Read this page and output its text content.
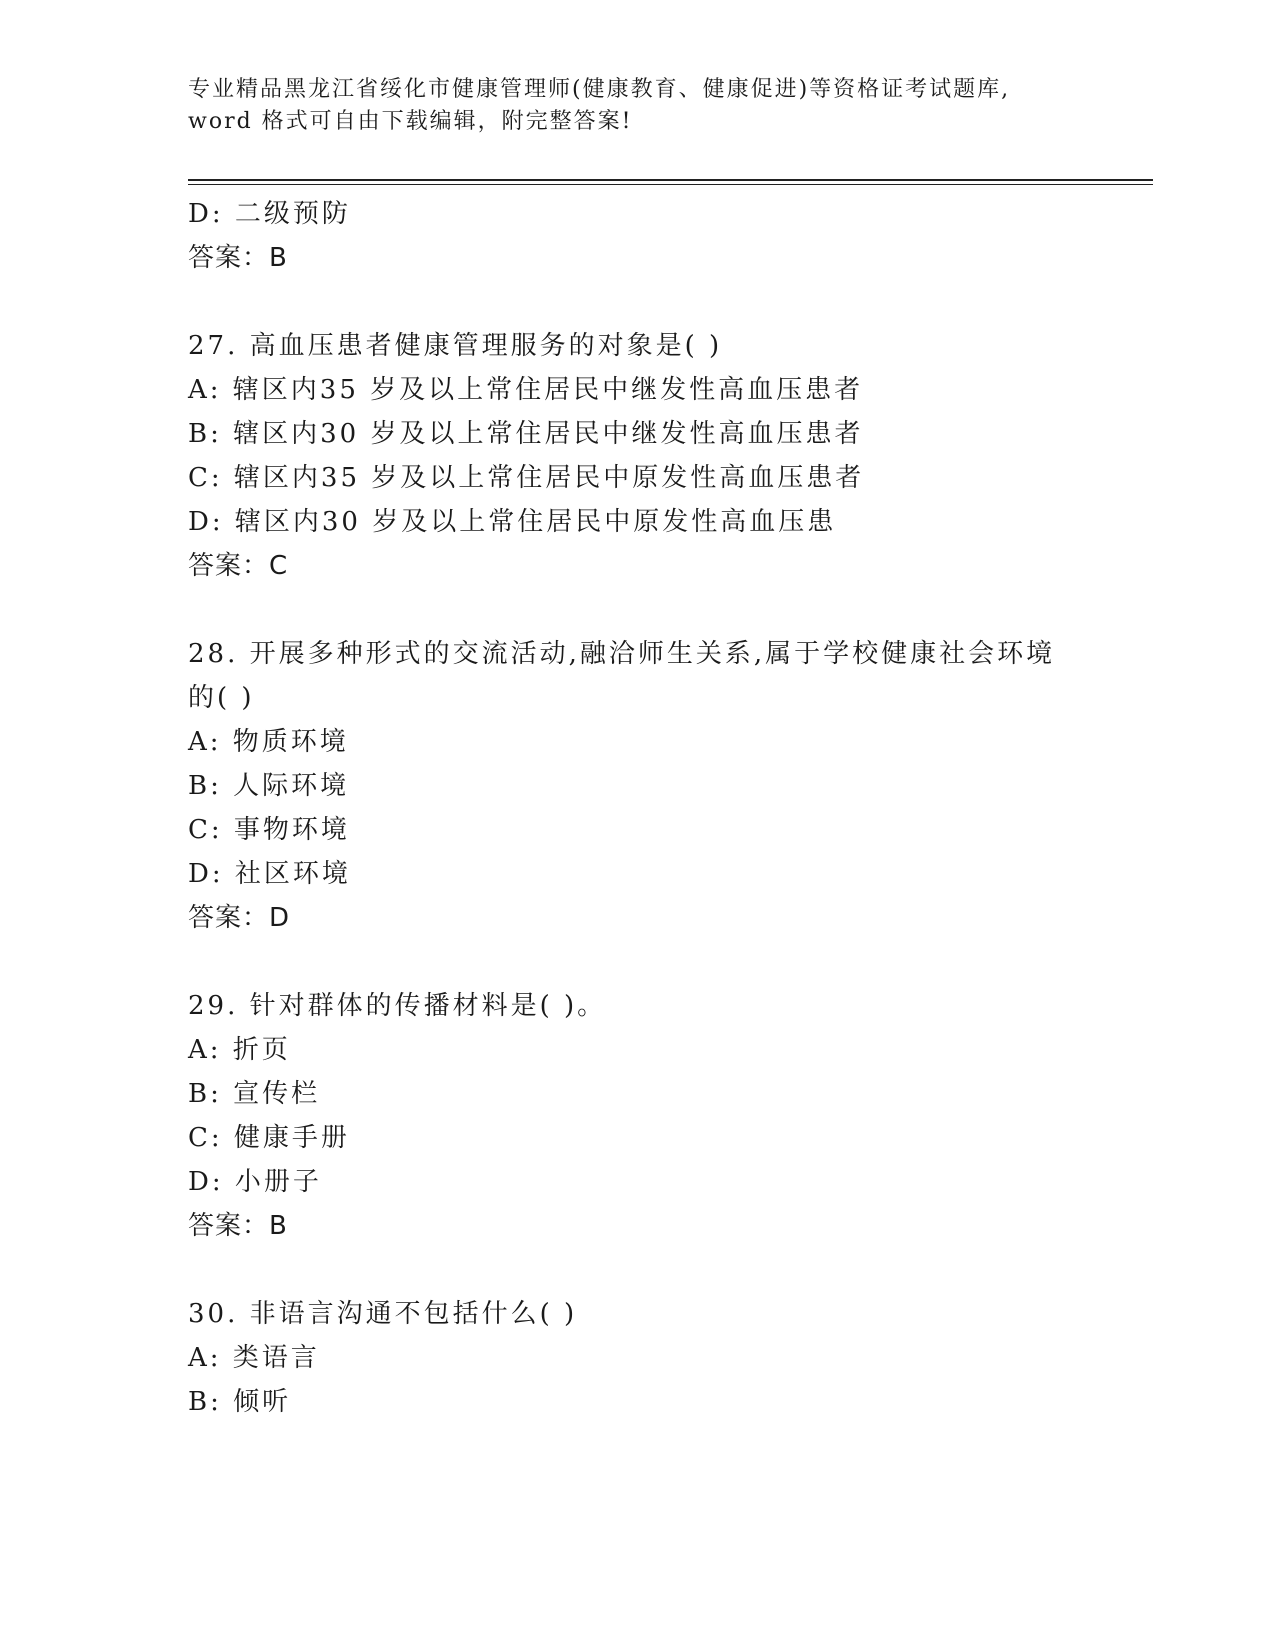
专业精品黑龙江省绥化市健康管理师(健康教育、健康促进)等资格证考试题库,
word 格式可自由下载编辑，附完整答案!
D: 二级预防
答案：B
27. 高血压患者健康管理服务的对象是( )
A: 辖区内35 岁及以上常住居民中继发性高血压患者
B: 辖区内30 岁及以上常住居民中继发性高血压患者
C: 辖区内35 岁及以上常住居民中原发性高血压患者
D: 辖区内30 岁及以上常住居民中原发性高血压患
答案：C
28. 开展多种形式的交流活动,融洽师生关系,属于学校健康社会环境
的( )
A: 物质环境
B: 人际环境
C: 事物环境
D: 社区环境
答案：D
29. 针对群体的传播材料是( )。
A: 折页
B: 宣传栏
C: 健康手册
D: 小册子
答案：B
30. 非语言沟通不包括什么( )
A: 类语言
B: 倾听
